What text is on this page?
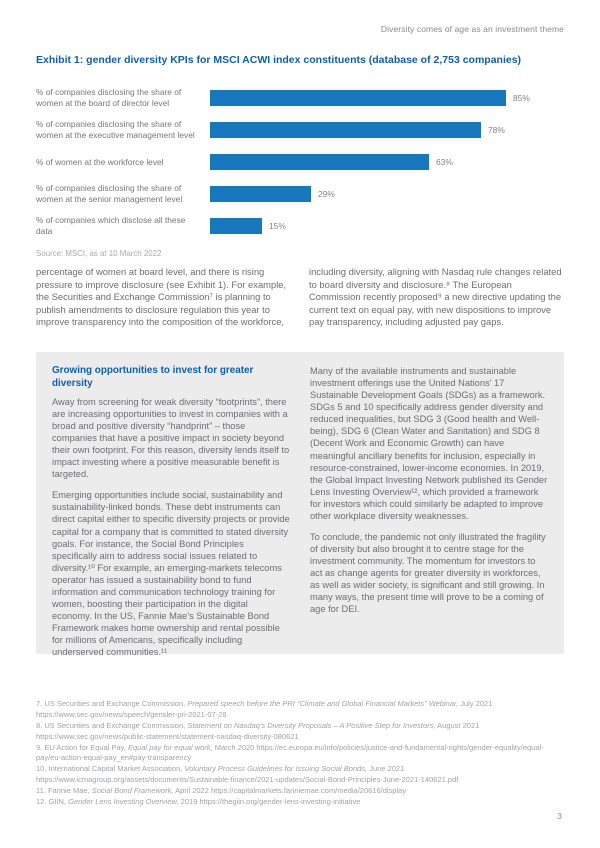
Diversity comes of age as an investment theme
Exhibit 1: gender diversity KPIs for MSCI ACWI index constituents (database of 2,753 companies)
% of companies disclosing the share of women at the board of director level	85%
% of companies disclosing the share of women at the executive management level	78%
% of women at the workforce level	63%
% of companies disclosing the share of women at the senior management level	29%
% of companies which disclose all these data	15%
Source: MSCI, as at 10 March 2022

percentage of women at board level, and there is rising pressure to improve disclosure (see Exhibit 1). For example, the Securities and Exchange Commission⁷ is planning to publish amendments to disclosure regulation this year to improve transparency into the composition of the workforce,

including diversity, aligning with Nasdaq rule changes related to board diversity and disclosure.⁸ The European Commission recently proposed⁹ a new directive updating the current text on equal pay, with new dispositions to improve pay transparency, including adjusted pay gaps.

Growing opportunities to invest for greater diversity

Away from screening for weak diversity “footprints”, there are increasing opportunities to invest in companies with a broad and positive diversity “handprint” – those companies that have a positive impact in society beyond their own footprint. For this reason, diversity lends itself to impact investing where a positive measurable benefit is targeted.

Emerging opportunities include social, sustainability and sustainability-linked bonds. These debt instruments can direct capital either to specific diversity projects or provide capital for a company that is committed to stated diversity goals. For instance, the Social Bond Principles specifically aim to address social issues related to diversity.¹⁰ For example, an emerging-markets telecoms operator has issued a sustainability bond to fund information and communication technology training for women, boosting their participation in the digital economy. In the US, Fannie Mae’s Sustainable Bond Framework makes home ownership and rental possible for millions of Americans, specifically including underserved communities.¹¹

Many of the available instruments and sustainable investment offerings use the United Nations’ 17 Sustainable Development Goals (SDGs) as a framework. SDGs 5 and 10 specifically address gender diversity and reduced inequalities, but SDG 3 (Good health and Well-being), SDG 6 (Clean Water and Sanitation) and SDG 8 (Decent Work and Economic Growth) can have meaningful ancillary benefits for inclusion, especially in resource-constrained, lower-income economies. In 2019, the Global Impact Investing Network published its Gender Lens Investing Overview¹², which provided a framework for investors which could similarly be adapted to improve other workplace diversity weaknesses.

To conclude, the pandemic not only illustrated the fragility of diversity but also brought it to centre stage for the investment community. The momentum for investors to act as change agents for greater diversity in workforces, as well as wider society, is significant and still growing. In many ways, the present time will prove to be a coming of age for DEI.

7. US Securities and Exchange Commission, Prepared speech before the PRI “Climate and Global Financial Markets” Webinar, July 2021 https://www.sec.gov/news/speech/gensler-pri-2021-07-28

8. US Securities and Exchange Commission, Statement on Nasdaq’s Diversity Proposals – A Positive Step for Investors, August 2021 https://www.sec.gov/news/public-statement/statement-nasdaq-diversity-080621

9. EU Action for Equal Pay, Equal pay for equal work, March 2020 https://ec.europa.eu/info/policies/justice-and-fundamental-rights/gender-equality/equal-pay/eu-action-equal-pay_en#pay-transparency

10. International Capital Market Association, Voluntary Process Guidelines for Issuing Social Bonds, June 2021 https://www.icmagroup.org/assets/documents/Sustainable-finance/2021-updates/Social-Bond-Principles-June-2021-140621.pdf

11. Fannie Mae, Social Bond Framework, April 2022 https://capitalmarkets.fanniemae.com/media/20616/display

12. GIIN, Gender Lens Investing Overview, 2019 https://thegiin.org/gender-lens-investing-initiative

3
